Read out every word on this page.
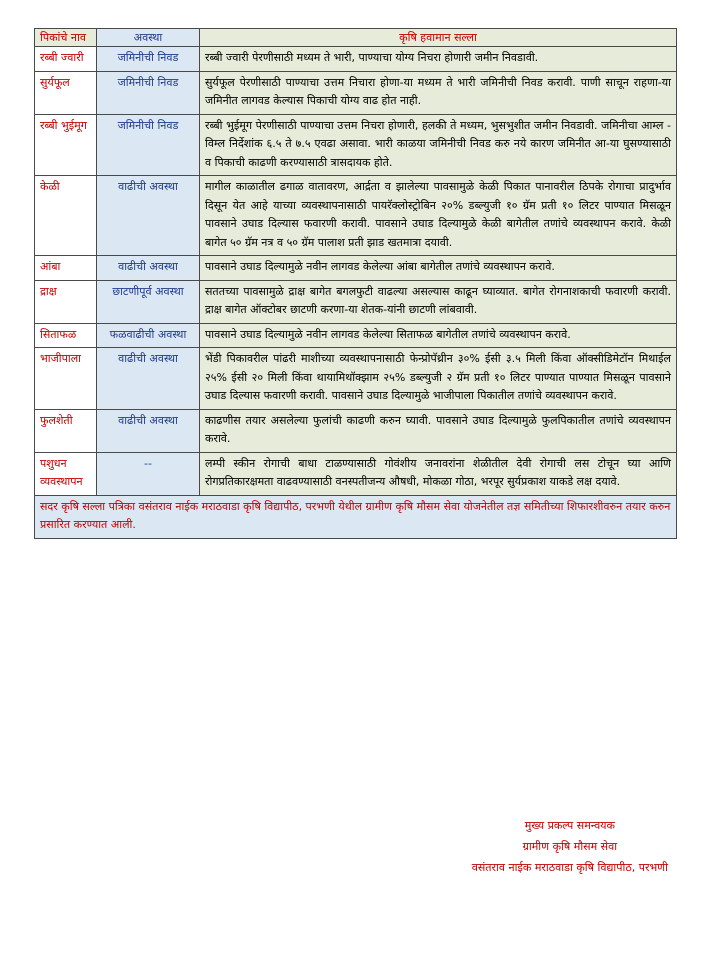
पिकांचे नाव	अवस्था	कृषि हवामान सल्ला
रब्बी ज्वारी	जमिनीची निवड	रब्बी ज्वारी पेरणीसाठी मध्यम ते भारी, पाण्याचा योग्य निचरा होणारी जमीन निवडावी.
सुर्यफूल	जमिनीची निवड	सुर्यफूल पेरणीसाठी पाण्याचा उत्तम निचारा होणा-या मध्यम ते भारी जमिनीची निवड करावी. पाणी साचून राहणा-या जमिनीत लागवड केल्यास पिकाची योग्य वाढ होत नाही.
रब्बी भुईमूग	जमिनीची निवड	रब्बी भुईमूग पेरणीसाठी पाण्याचा उत्तम निचरा होणारी, हलकी ते मध्यम, भुसभुशीत जमीन निवडावी. जमिनीचा आम्ल - विम्ल निर्देशांक ६.५ ते ७.५ एवढा असावा. भारी काळया जमिनीची निवड करु नये कारण जमिनीत आ-या घुसण्यासाठी व पिकाची काढणी करण्यासाठी त्रासदायक होते.
केळी	वाढीची अवस्था	मागील काळातील ढगाळ वातावरण, आर्द्रता व झालेल्या पावसामुळे केळी पिकात पानावरील ठिपके रोगाचा प्रादुर्भाव दिसून येत आहे याच्या व्यवस्थापनासाठी पायरॅक्लोस्ट्रोबिन २०% डब्ल्युजी १० ग्रॅम प्रती १० लिटर पाण्यात मिसळून पावसाने उघाड दिल्यास फवारणी करावी. पावसाने उघाड दिल्यामुळे केळी बागेतील तणांचे व्यवस्थापन करावे. केळी बागेत ५० ग्रॅम नत्र व ५० ग्रॅम पालाश प्रती झाड खतमात्रा दयावी.
आंबा	वाढीची अवस्था	पावसाने उघाड दिल्यामुळे नवीन लागवड केलेल्या आंबा बागेतील तणांचे व्यवस्थापन करावे.
द्राक्ष	छाटणीपूर्व अवस्था	सततच्या पावसामुळे द्राक्ष बागेत बगलफुटी वाढल्या असल्यास काढून घ्याव्यात. बागेत रोगनाशकाची फवारणी करावी. द्राक्ष बागेत ऑक्टोबर छाटणी करणा-या शेतक-यांनी छाटणी लांबवावी.
सिताफळ	फळवाढीची अवस्था	पावसाने उघाड दिल्यामुळे नवीन लागवड केलेल्या सिताफळ बागेतील तणांचे व्यवस्थापन करावे.
भाजीपाला	वाढीची अवस्था	भेंडी पिकावरील पांढरी माशीच्या व्यवस्थापनासाठी फेन्प्रोपॅथ्रीन ३०% ईसी ३.५ मिली किंवा ऑक्सीडिमेटॉन मिथाईल २५% ईसी २० मिली किंवा थायामिथॉक्झाम २५% डब्ल्युजी २ ग्रॅम प्रती १० लिटर पाण्यात पाण्यात मिसळून पावसाने उघाड दिल्यास फवारणी करावी. पावसाने उघाड दिल्यामुळे भाजीपाला पिकातील तणांचे व्यवस्थापन करावे.
फुलशेती	वाढीची अवस्था	काढणीस तयार असलेल्या फुलांची काढणी करुन घ्यावी. पावसाने उघाड दिल्यामुळे फुलपिकातील तणांचे व्यवस्थापन करावे.
पशुधन व्यवस्थापन	--	लम्पी स्कीन रोगाची बाधा टाळण्यासाठी गोवंशीय जनावरांना शेळीतील देवी रोगाची लस टोचून घ्या आणि रोगप्रतिकारक्षमता वाढवण्यासाठी वनस्पतीजन्य औषधी, मोकळा गोठा, भरपूर सुर्यप्रकाश याकडे लक्ष दयावे.
सदर कृषि सल्ला पत्रिका वसंतराव नाईक मराठवाडा कृषि विद्यापीठ, परभणी येथील ग्रामीण कृषि मौसम सेवा योजनेतील तज्ञ समितीच्या शिफारशीवरुन तयार करुन प्रसारित करण्यात आली.		
मुख्य प्रकल्प समन्वयक
ग्रामीण कृषि मौसम सेवा
वसंतराव नाईक मराठवाडा कृषि विद्यापीठ, परभणी
